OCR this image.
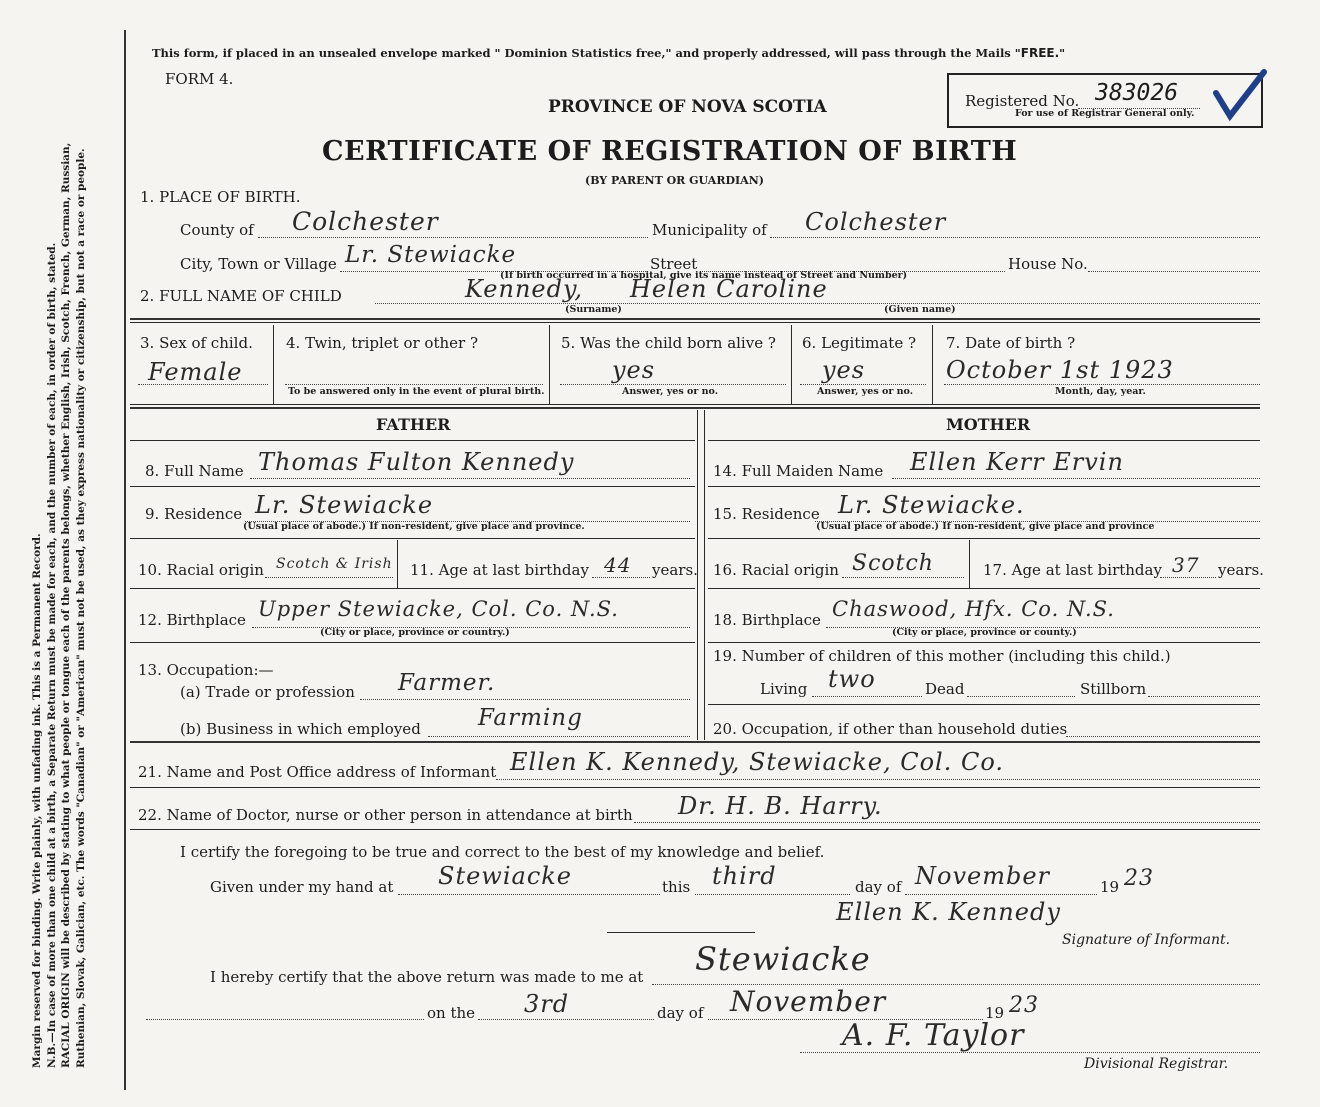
Margin reserved for binding. Write plainly, with unfading ink. This is a Permanent Record. N.B.—In case of more than one child at a birth, a Separate Return must be made for each, and the number of each, in order of birth, stated. RACIAL ORIGIN will be described by stating to what people or tongue each of the parents belongs, whether English, Irish, Scotch, French, German, Russian, Ruthenian, Slovak, Galician, etc. The words "Canadian" or "American" must not be used, as they express nationality or citizenship, but not a race or people.
This form, if placed in an unsealed envelope marked " Dominion Statistics free," and properly addressed, will pass through the Mails "FREE."
FORM 4.
PROVINCE OF NOVA SCOTIA
CERTIFICATE OF REGISTRATION OF BIRTH
(BY PARENT OR GUARDIAN)
Registered No. 383026
For use of Registrar General only.
1. PLACE OF BIRTH.
County of Colchester	Municipality of Colchester
City, Town or Village Lr. Stewiacke	Street	House No.
(If birth occurred in a hospital, give its name instead of Street and Number)
2. FULL NAME OF CHILD	Kennedy, Helen Caroline
(Surname)	(Given name)
3. Sex of child.
Female
4. Twin, triplet or other ?
To be answered only in the event of plural birth.
5. Was the child born alive ?
yes
Answer, yes or no.
6. Legitimate ?
yes
Answer, yes or no.
7. Date of birth ?
October 1st 1923
Month, day, year.
FATHER	MOTHER
8. Full Name Thomas Fulton Kennedy	14. Full Maiden Name Ellen Kerr Ervin
9. Residence Lr. Stewiacke
(Usual place of abode.) If non-resident, give place and province.
15. Residence Lr. Stewiacke.
(Usual place of abode.) If non-resident, give place and province
10. Racial origin Scotch & Irish 11. Age at last birthday 44 years. 16. Racial origin Scotch	17. Age at last birthday 37 years.
12. Birthplace Upper Stewiacke, Col. Co. N.S.
(City or place, province or country.)
18. Birthplace Chaswood, Hfx. Co. N.S.
(City or place, province or county.)
13. Occupation:—
(a) Trade or profession Farmer.
19. Number of children of this mother (including this child.)
Living two	Dead	Stillborn
(b) Business in which employed Farming	20. Occupation, if other than household duties
21. Name and Post Office address of Informant Ellen K. Kennedy, Stewiacke, Col. Co.
22. Name of Doctor, nurse or other person in attendance at birth Dr. H. B. Harry.
I certify the foregoing to be true and correct to the best of my knowledge and belief.
Given under my hand at Stewiacke	this third	day of November	19 23
Ellen K. Kennedy
Signature of Informant.
I hereby certify that the above return was made to me at Stewiacke
on the 3rd	day of November	19 23
A. F. Taylor
Divisional Registrar.
